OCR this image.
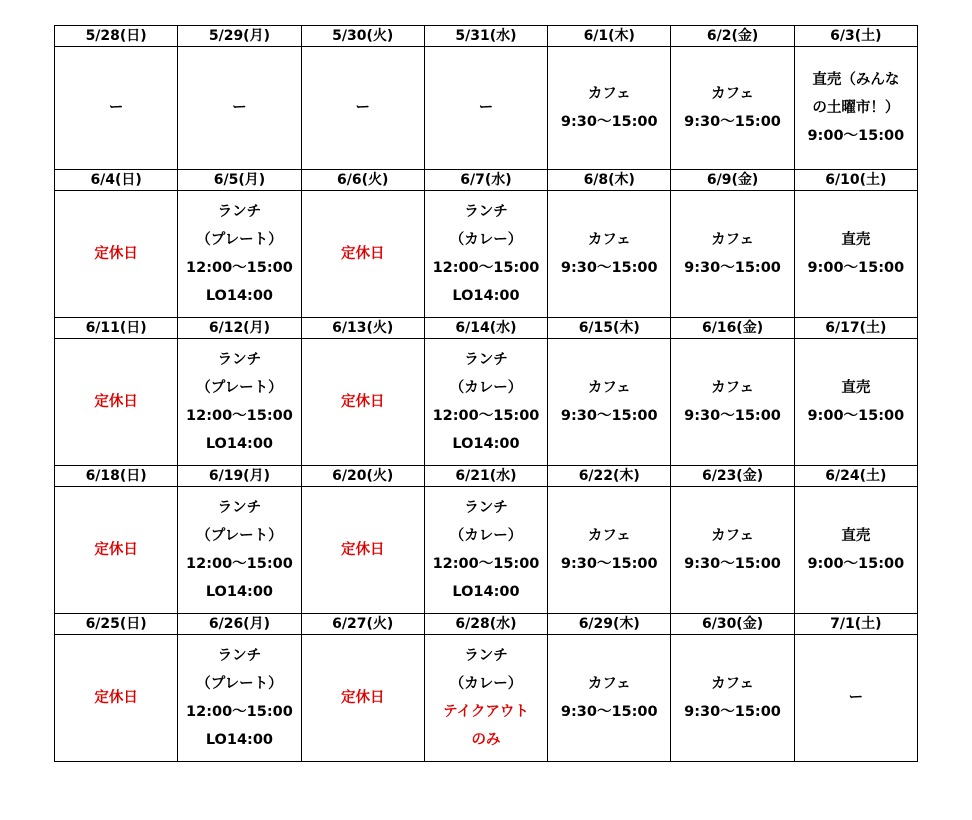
5/28(日)	5/29(月)	5/30(火)	5/31(水)	6/1(木)	6/2(金)	6/3(土)

ー	ー	ー	ー	カフェ
9:30～15:00	カフェ
9:30～15:00	直売（みんな
の土曜市！）
9:00～15:00

6/4(日)	6/5(月)	6/6(火)	6/7(水)	6/8(木)	6/9(金)	6/10(土)

定休日	ランチ
（プレート）
12:00～15:00
LO14:00	定休日	ランチ
（カレー）
12:00～15:00
LO14:00	カフェ
9:30～15:00	カフェ
9:30～15:00	直売
9:00～15:00

6/11(日)	6/12(月)	6/13(火)	6/14(水)	6/15(木)	6/16(金)	6/17(土)

定休日	ランチ
（プレート）
12:00～15:00
LO14:00	定休日	ランチ
（カレー）
12:00～15:00
LO14:00	カフェ
9:30～15:00	カフェ
9:30～15:00	直売
9:00～15:00

6/18(日)	6/19(月)	6/20(火)	6/21(水)	6/22(木)	6/23(金)	6/24(土)

定休日	ランチ
（プレート）
12:00～15:00
LO14:00	定休日	ランチ
（カレー）
12:00～15:00
LO14:00	カフェ
9:30～15:00	カフェ
9:30～15:00	直売
9:00～15:00

6/25(日)	6/26(月)	6/27(火)	6/28(水)	6/29(木)	6/30(金)	7/1(土)

定休日	ランチ
（プレート）
12:00～15:00
LO14:00	定休日	ランチ
（カレー）
テイクアウト
のみ	カフェ
9:30～15:00	カフェ
9:30～15:00	ー
